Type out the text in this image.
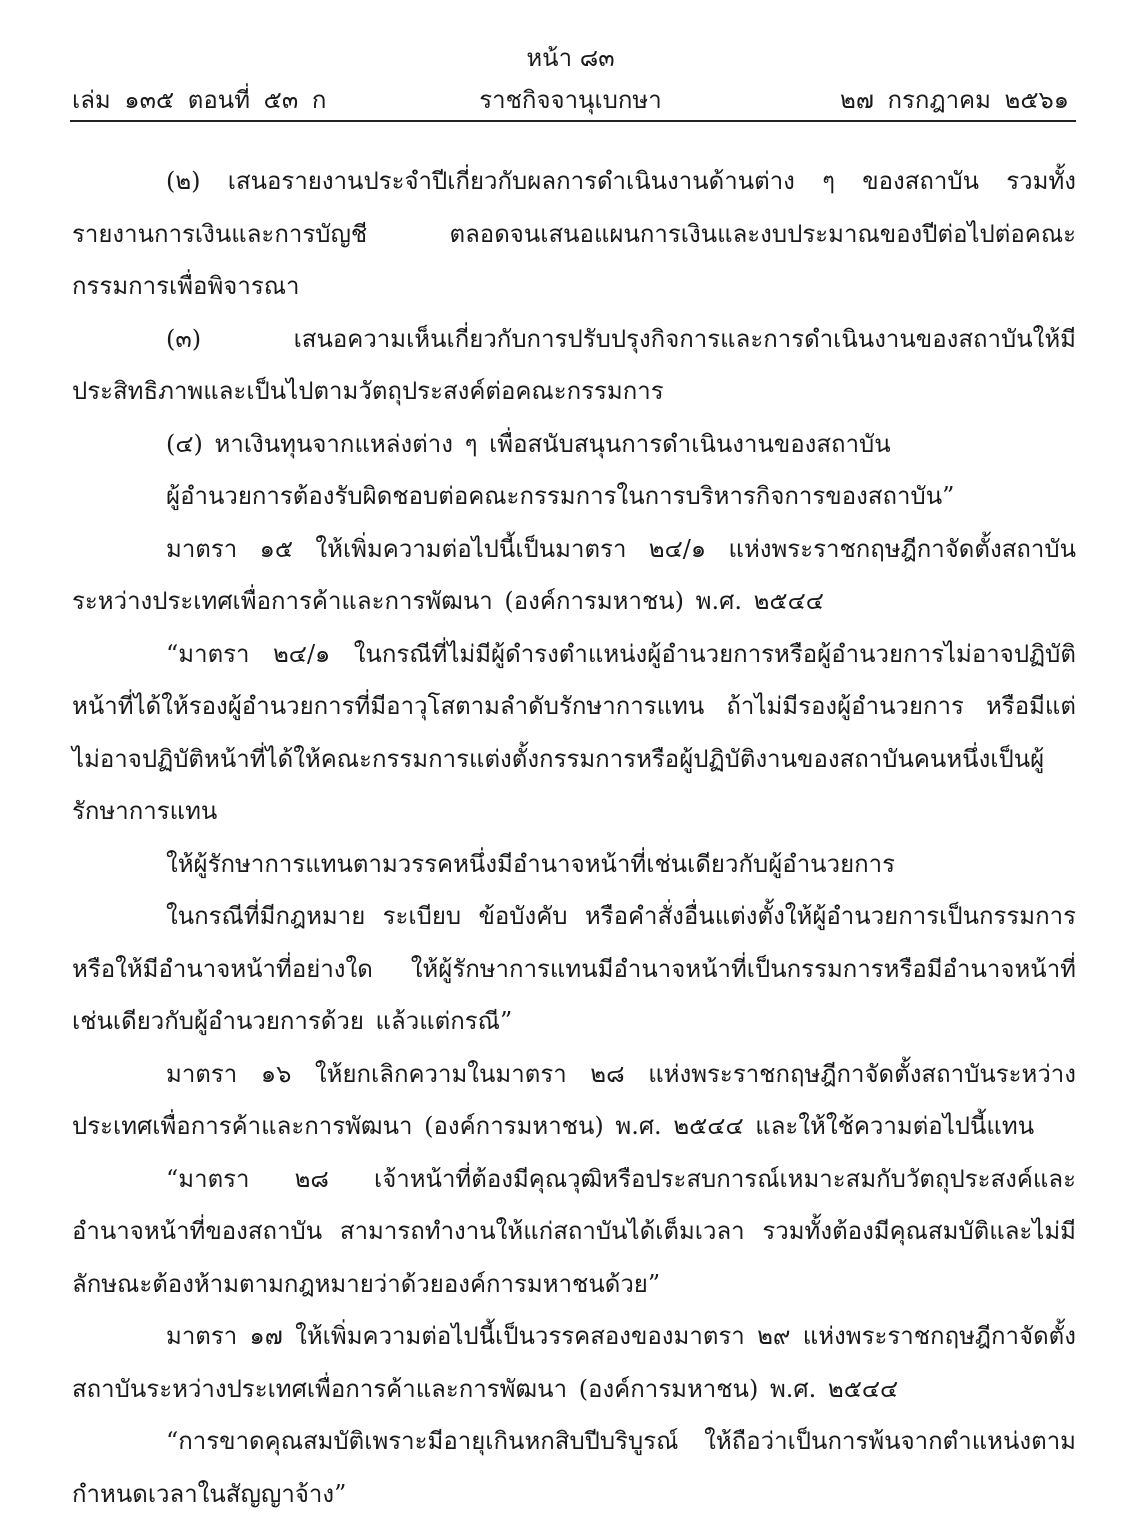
หน้า ๘๓
เล่ม ๑๓๕ ตอนที่ ๕๓ ก	ราชกิจจานุเบกษา	๒๗ กรกฎาคม ๒๕๖๑

(๒) เสนอรายงานประจำปีเกี่ยวกับผลการดำเนินงานด้านต่าง ๆ ของสถาบัน รวมทั้งรายงานการเงินและการบัญชี ตลอดจนเสนอแผนการเงินและงบประมาณของปีต่อไปต่อคณะกรรมการเพื่อพิจารณา

(๓) เสนอความเห็นเกี่ยวกับการปรับปรุงกิจการและการดำเนินงานของสถาบันให้มีประสิทธิภาพและเป็นไปตามวัตถุประสงค์ต่อคณะกรรมการ

(๔) หาเงินทุนจากแหล่งต่าง ๆ เพื่อสนับสนุนการดำเนินงานของสถาบัน

ผู้อำนวยการต้องรับผิดชอบต่อคณะกรรมการในการบริหารกิจการของสถาบัน”

มาตรา ๑๕ ให้เพิ่มความต่อไปนี้เป็นมาตรา ๒๔/๑ แห่งพระราชกฤษฎีกาจัดตั้งสถาบันระหว่างประเทศเพื่อการค้าและการพัฒนา (องค์การมหาชน) พ.ศ. ๒๕๔๔

“มาตรา ๒๔/๑ ในกรณีที่ไม่มีผู้ดำรงตำแหน่งผู้อำนวยการหรือผู้อำนวยการไม่อาจปฏิบัติหน้าที่ได้ให้รองผู้อำนวยการที่มีอาวุโสตามลำดับรักษาการแทน ถ้าไม่มีรองผู้อำนวยการ หรือมีแต่ไม่อาจปฏิบัติหน้าที่ได้ให้คณะกรรมการแต่งตั้งกรรมการหรือผู้ปฏิบัติงานของสถาบันคนหนึ่งเป็นผู้รักษาการแทน

ให้ผู้รักษาการแทนตามวรรคหนึ่งมีอำนาจหน้าที่เช่นเดียวกับผู้อำนวยการ

ในกรณีที่มีกฎหมาย ระเบียบ ข้อบังคับ หรือคำสั่งอื่นแต่งตั้งให้ผู้อำนวยการเป็นกรรมการหรือให้มีอำนาจหน้าที่อย่างใด ให้ผู้รักษาการแทนมีอำนาจหน้าที่เป็นกรรมการหรือมีอำนาจหน้าที่เช่นเดียวกับผู้อำนวยการด้วย แล้วแต่กรณี”

มาตรา ๑๖ ให้ยกเลิกความในมาตรา ๒๘ แห่งพระราชกฤษฎีกาจัดตั้งสถาบันระหว่างประเทศเพื่อการค้าและการพัฒนา (องค์การมหาชน) พ.ศ. ๒๕๔๔ และให้ใช้ความต่อไปนี้แทน

“มาตรา ๒๘ เจ้าหน้าที่ต้องมีคุณวุฒิหรือประสบการณ์เหมาะสมกับวัตถุประสงค์และอำนาจหน้าที่ของสถาบัน สามารถทำงานให้แก่สถาบันได้เต็มเวลา รวมทั้งต้องมีคุณสมบัติและไม่มีลักษณะต้องห้ามตามกฎหมายว่าด้วยองค์การมหาชนด้วย”

มาตรา ๑๗ ให้เพิ่มความต่อไปนี้เป็นวรรคสองของมาตรา ๒๙ แห่งพระราชกฤษฎีกาจัดตั้งสถาบันระหว่างประเทศเพื่อการค้าและการพัฒนา (องค์การมหาชน) พ.ศ. ๒๕๔๔

“การขาดคุณสมบัติเพราะมีอายุเกินหกสิบปีบริบูรณ์ ให้ถือว่าเป็นการพ้นจากตำแหน่งตามกำหนดเวลาในสัญญาจ้าง”
